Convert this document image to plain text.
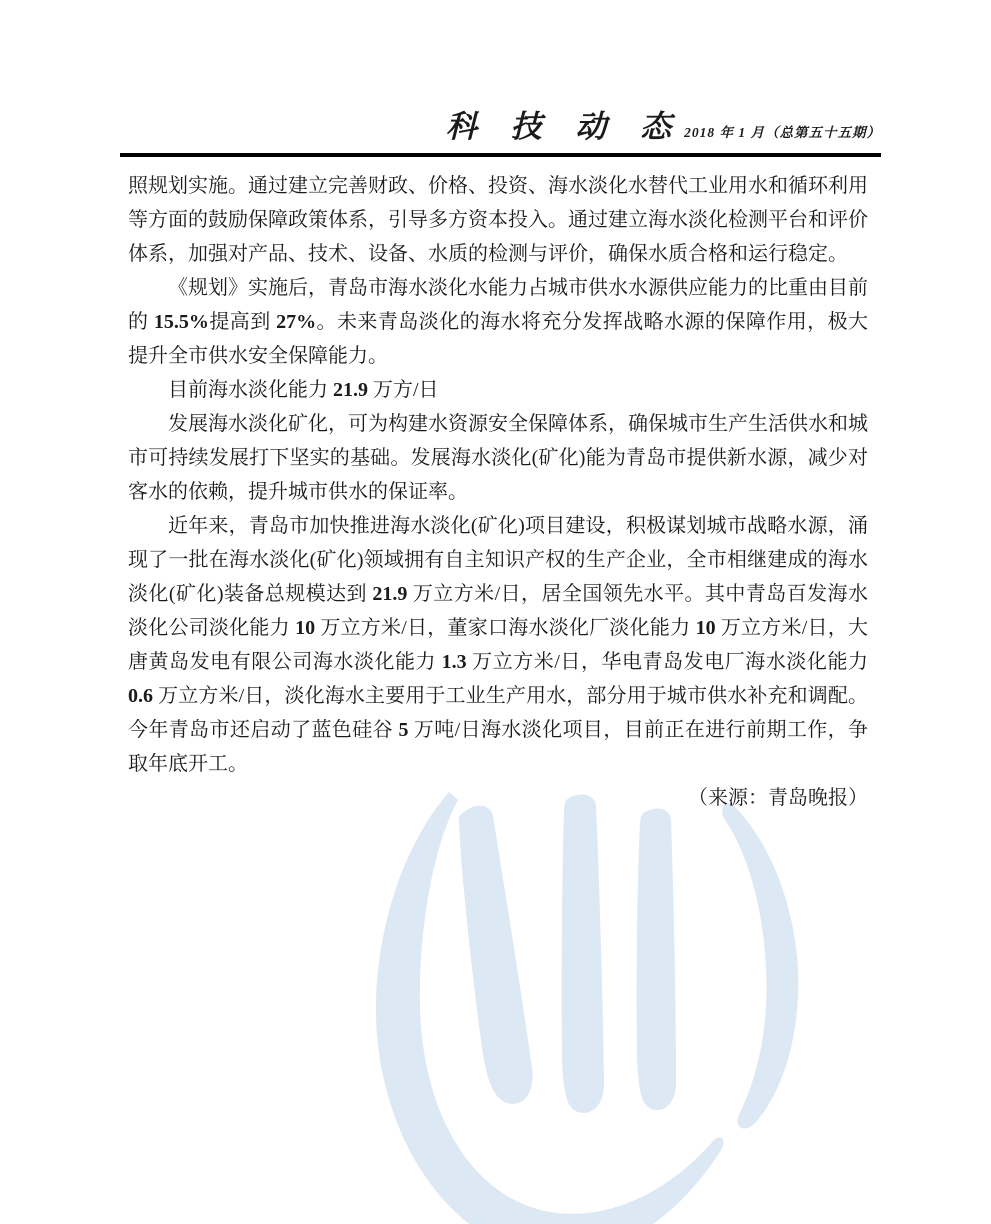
科 技 动 态 2018 年 1 月（总第五十五期）

照规划实施。通过建立完善财政、价格、投资、海水淡化水替代工业用水和循环利用等方面的鼓励保障政策体系，引导多方资本投入。通过建立海水淡化检测平台和评价体系，加强对产品、技术、设备、水质的检测与评价，确保水质合格和运行稳定。

《规划》实施后，青岛市海水淡化水能力占城市供水水源供应能力的比重由目前的 15.5%提高到 27%。未来青岛淡化的海水将充分发挥战略水源的保障作用，极大提升全市供水安全保障能力。

目前海水淡化能力 21.9 万方/日

发展海水淡化矿化，可为构建水资源安全保障体系，确保城市生产生活供水和城市可持续发展打下坚实的基础。发展海水淡化(矿化)能为青岛市提供新水源，减少对客水的依赖，提升城市供水的保证率。

近年来，青岛市加快推进海水淡化(矿化)项目建设，积极谋划城市战略水源，涌现了一批在海水淡化(矿化)领域拥有自主知识产权的生产企业，全市相继建成的海水淡化(矿化)装备总规模达到 21.9 万立方米/日，居全国领先水平。其中青岛百发海水淡化公司淡化能力 10 万立方米/日，董家口海水淡化厂淡化能力 10 万立方米/日，大唐黄岛发电有限公司海水淡化能力 1.3 万立方米/日，华电青岛发电厂海水淡化能力 0.6 万立方米/日，淡化海水主要用于工业生产用水，部分用于城市供水补充和调配。今年青岛市还启动了蓝色硅谷 5 万吨/日海水淡化项目，目前正在进行前期工作，争取年底开工。

（来源：青岛晚报）
